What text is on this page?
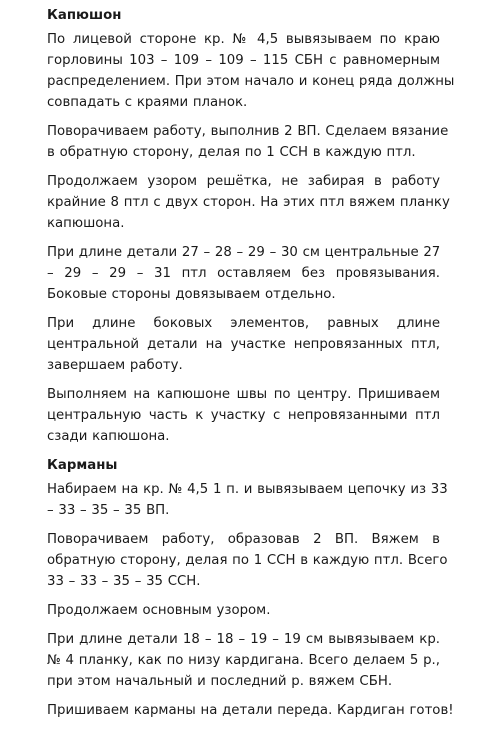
Капюшон
По лицевой стороне кр. № 4,5 вывязываем по краю
горловины 103 – 109 – 109 – 115 СБН с равномерным
распределением. При этом начало и конец ряда должны
совпадать с краями планок.
Поворачиваем работу, выполнив 2 ВП. Сделаем вязание
в обратную сторону, делая по 1 ССН в каждую птл.
Продолжаем узором решётка, не забирая в работу
крайние 8 птл с двух сторон. На этих птл вяжем планку
капюшона.
При длине детали 27 – 28 – 29 – 30 см центральные 27
– 29 – 29 – 31 птл оставляем без провязывания.
Боковые стороны довязываем отдельно.
При длине боковых элементов, равных длине
центральной детали на участке непровязанных птл,
завершаем работу.
Выполняем на капюшоне швы по центру. Пришиваем
центральную часть к участку с непровязанными птл
сзади капюшона.
Карманы
Набираем на кр. № 4,5 1 п. и вывязываем цепочку из 33
– 33 – 35 – 35 ВП.
Поворачиваем работу, образовав 2 ВП. Вяжем в
обратную сторону, делая по 1 ССН в каждую птл. Всего
33 – 33 – 35 – 35 ССН.
Продолжаем основным узором.
При длине детали 18 – 18 – 19 – 19 см вывязываем кр.
№ 4 планку, как по низу кардигана. Всего делаем 5 р.,
при этом начальный и последний р. вяжем СБН.
Пришиваем карманы на детали переда. Кардиган готов!
